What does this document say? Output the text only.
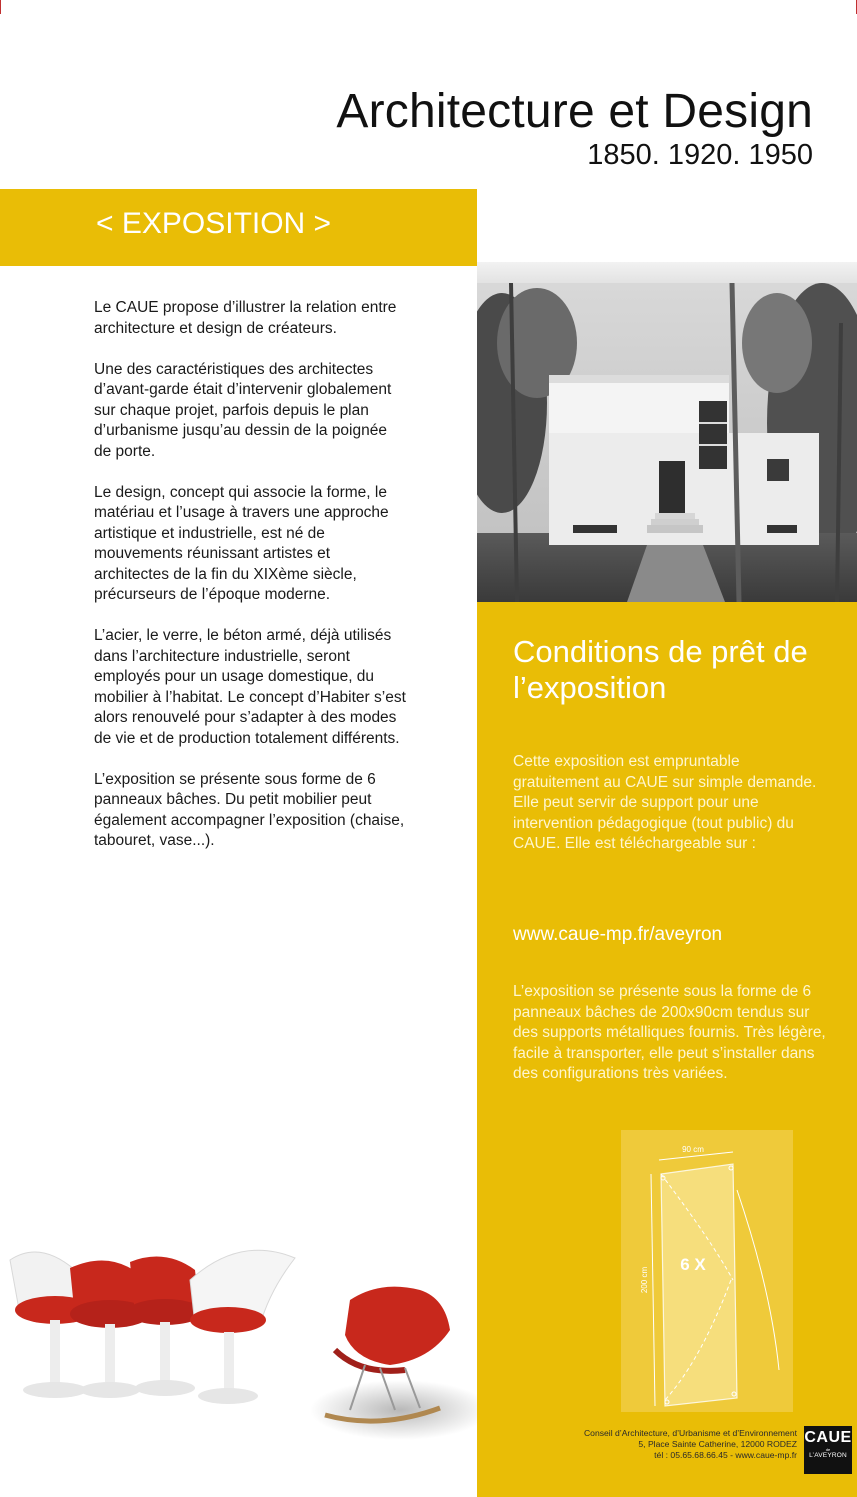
Architecture et Design
1850. 1920. 1950
< EXPOSITION >

Le CAUE propose d’illustrer la relation entre architecture et design de créateurs.

Une des caractéristiques des architectes d’avant-garde était d’intervenir globalement sur chaque projet, parfois depuis le plan d’urbanisme jusqu’au dessin de la poignée de porte.

Le design, concept qui associe la forme, le matériau et l’usage à travers une approche artistique et industrielle, est né de mouvements réunissant artistes et architectes de la fin du XIXème siècle, précurseurs de l’époque moderne.

L’acier, le verre, le béton armé, déjà utilisés dans l’architecture industrielle, seront employés pour un usage domestique, du mobilier à l’habitat. Le concept d’Habiter s’est alors renouvelé pour s’adapter à des modes de vie et de production totalement différents.

L’exposition se présente sous forme de 6 panneaux bâches. Du petit mobilier peut également accompagner l’exposition (chaise, tabouret, vase...).

Conditions de prêt de l’exposition
Cette exposition est empruntable gratuitement au CAUE sur simple demande. Elle peut servir de support pour une intervention pédagogique (tout public) du CAUE. Elle est téléchargeable sur :
www.caue-mp.fr/aveyron
L’exposition se présente sous la forme de 6 panneaux bâches de 200x90cm tendus sur des supports métalliques fournis. Très légère, facile à transporter, elle peut s’installer dans des configurations très variées.
90 cm
200 cm
6 X
Conseil d’Architecture, d’Urbanisme et d’Environnement
5, Place Sainte Catherine, 12000 RODEZ
tél : 05.65.68.66.45 - www.caue-mp.fr
CAUE
de
L’AVEYRON
